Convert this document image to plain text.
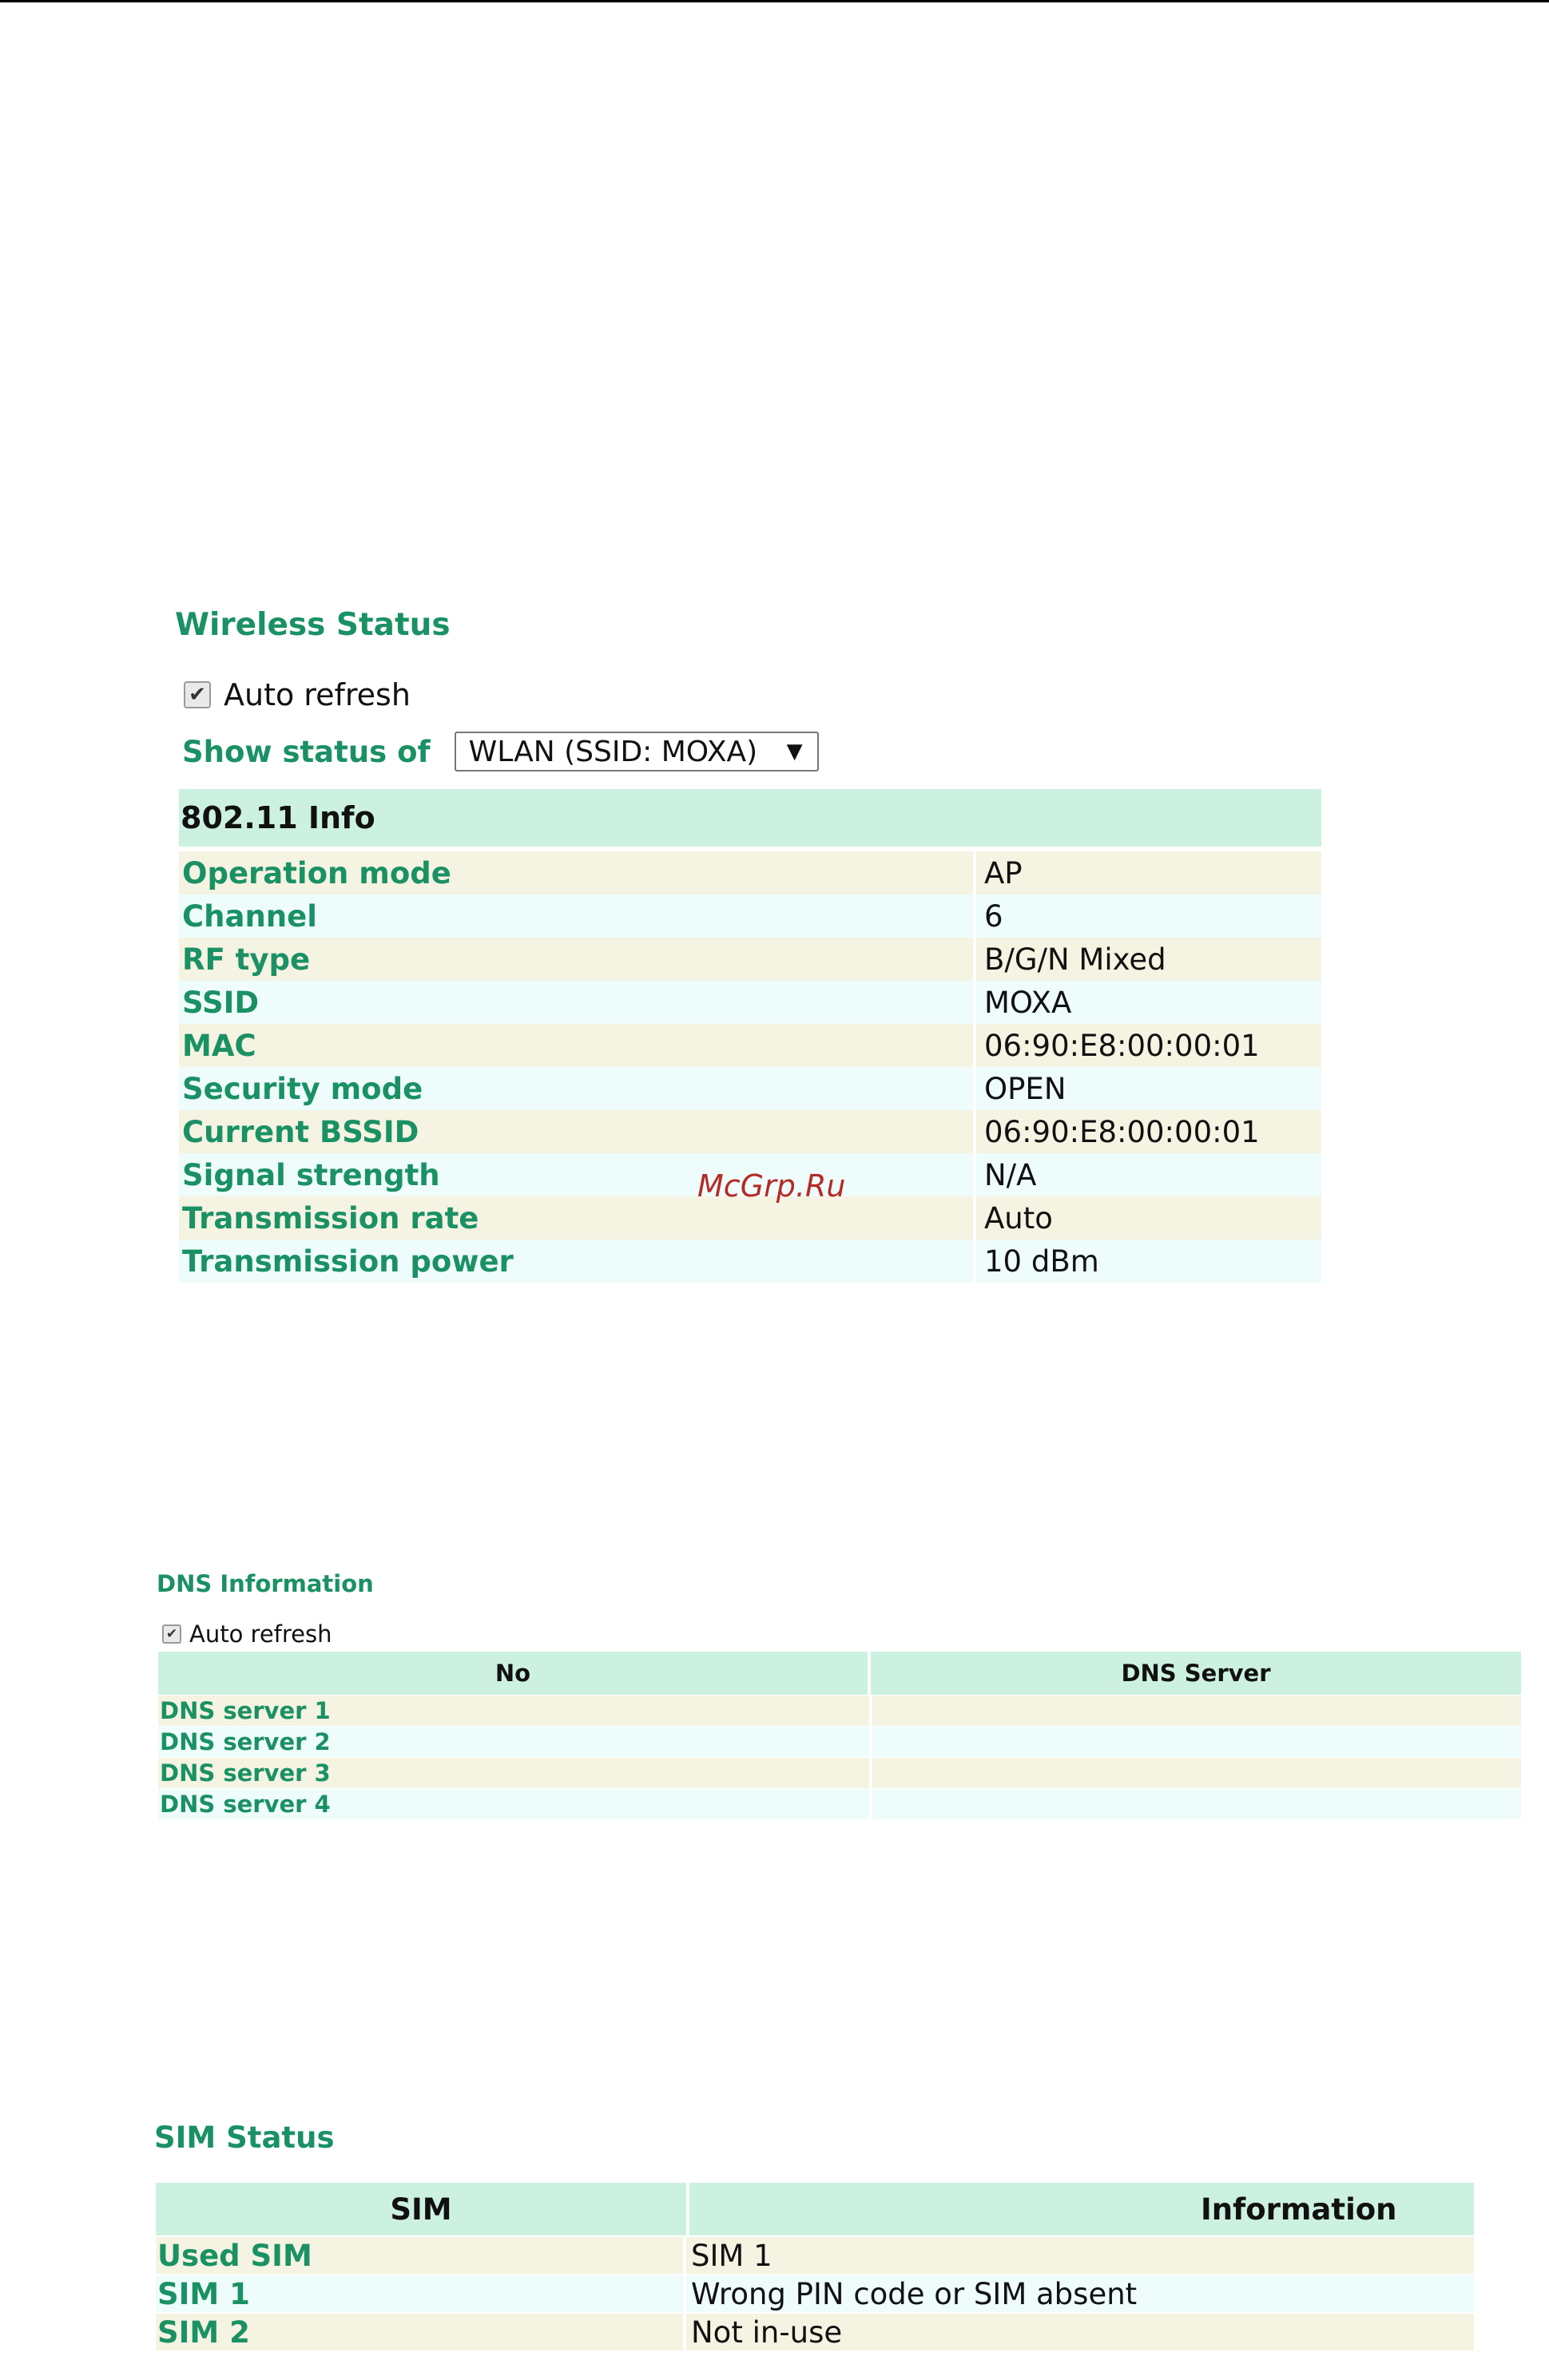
Wireless Status
✔ Auto refresh
Show status of WLAN (SSID: MOXA) ▼
802.11 Info
Operation mode	AP
Channel	6
RF type	B/G/N Mixed
SSID	MOXA
MAC	06:90:E8:00:00:01
Security mode	OPEN
Current BSSID	06:90:E8:00:00:01
Signal strength	N/A
Transmission rate	Auto
Transmission power	10 dBm
McGrp.Ru
DNS Information
✔ Auto refresh
No	DNS Server
DNS server 1
DNS server 2
DNS server 3
DNS server 4
SIM Status
SIM	Information
Used SIM	SIM 1
SIM 1	Wrong PIN code or SIM absent
SIM 2	Not in-use
